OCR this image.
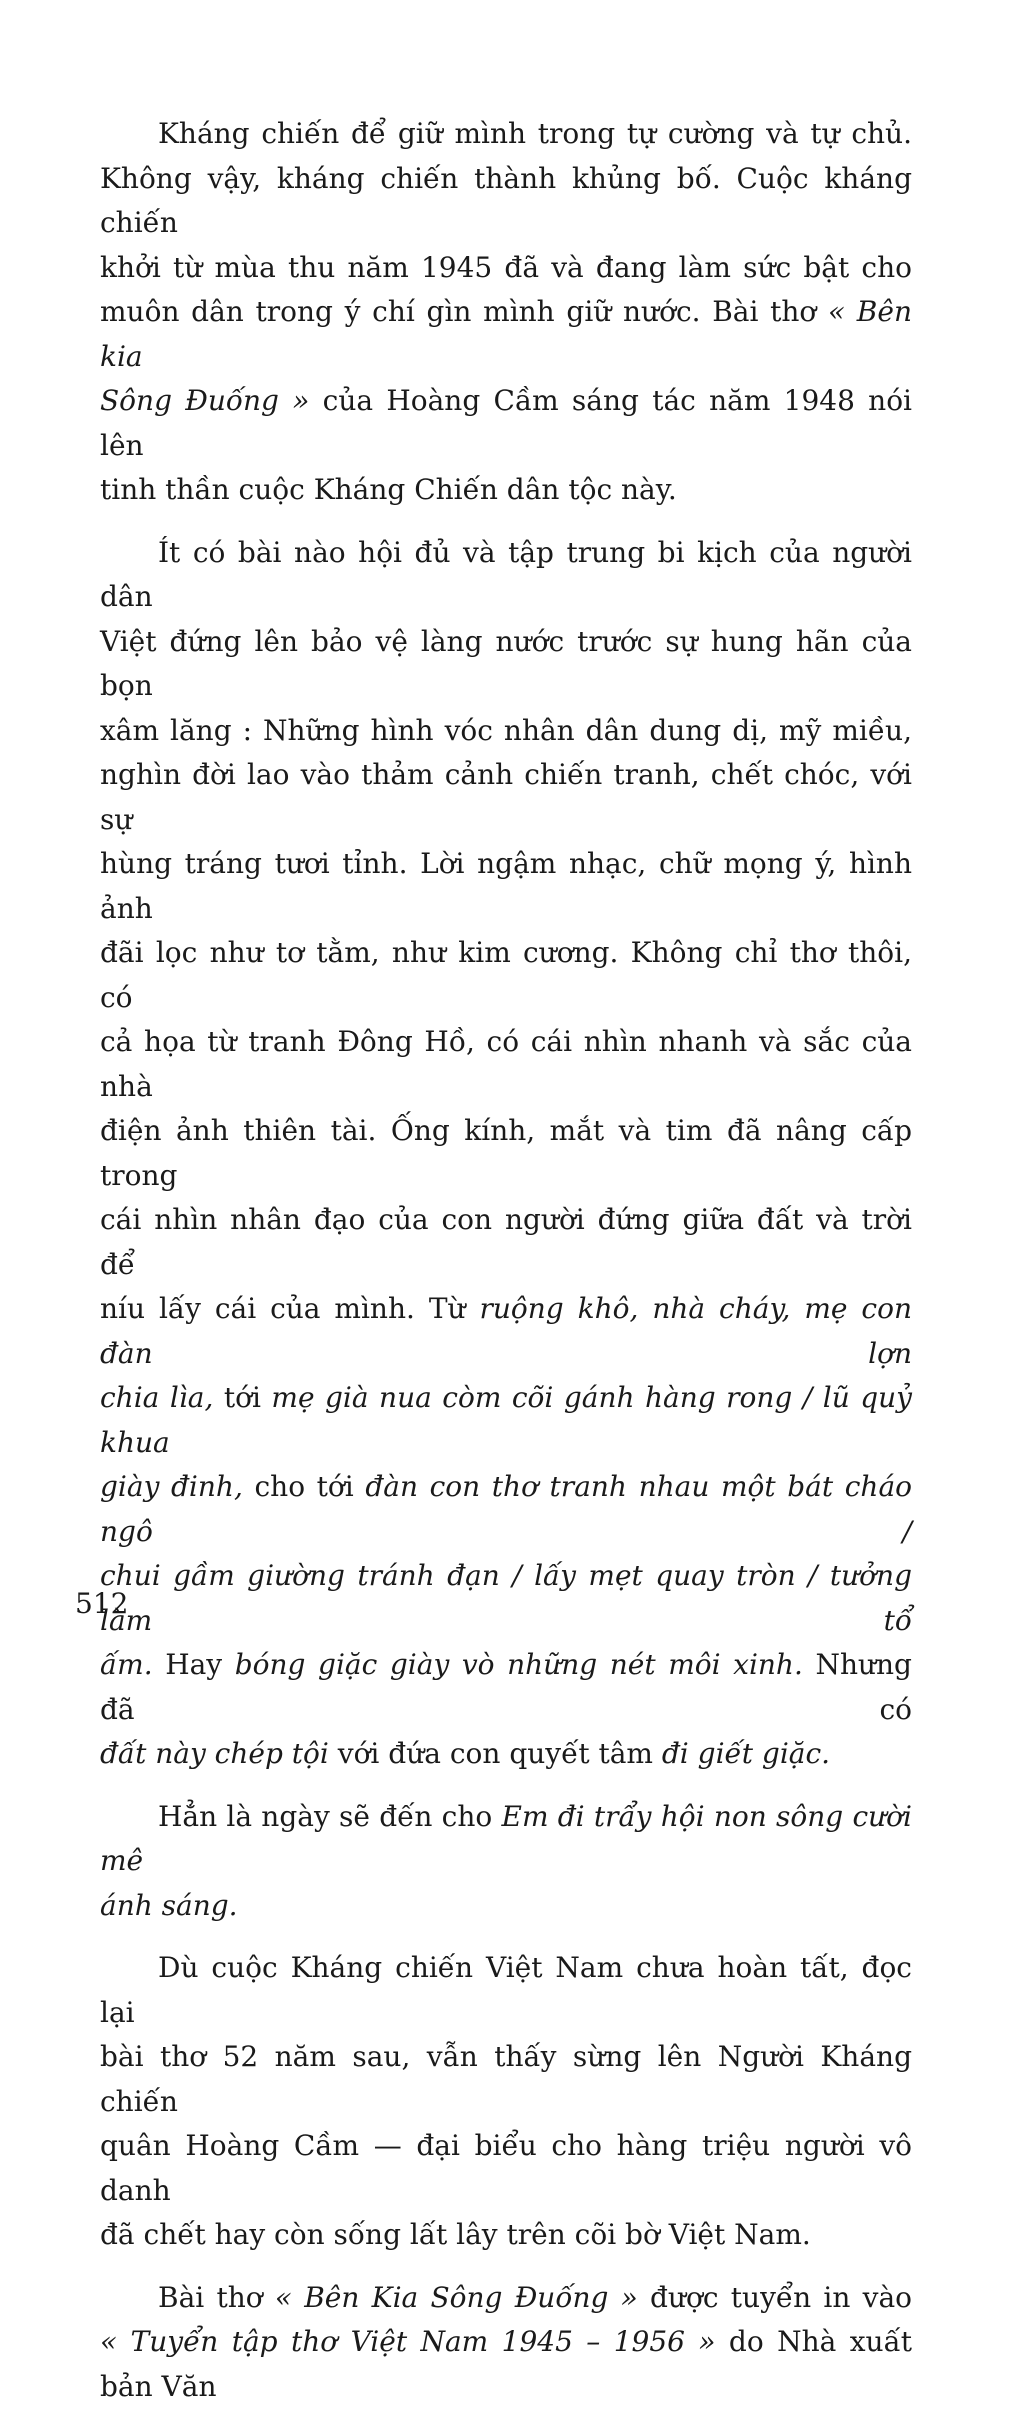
Kháng chiến để giữ mình trong tự cường và tự chủ.
Không vậy, kháng chiến thành khủng bố. Cuộc kháng chiến
khởi từ mùa thu năm 1945 đã và đang làm sức bật cho
muôn dân trong ý chí gìn mình giữ nước. Bài thơ « Bên kia
Sông Đuống » của Hoàng Cầm sáng tác năm 1948 nói lên
tinh thần cuộc Kháng Chiến dân tộc này.
Ít có bài nào hội đủ và tập trung bi kịch của người dân
Việt đứng lên bảo vệ làng nước trước sự hung hãn của bọn
xâm lăng : Những hình vóc nhân dân dung dị, mỹ miều,
nghìn đời lao vào thảm cảnh chiến tranh, chết chóc, với sự
hùng tráng tươi tỉnh. Lời ngậm nhạc, chữ mọng ý, hình ảnh
đãi lọc như tơ tằm, như kim cương. Không chỉ thơ thôi, có
cả họa từ tranh Đông Hồ, có cái nhìn nhanh và sắc của nhà
điện ảnh thiên tài. Ống kính, mắt và tim đã nâng cấp trong
cái nhìn nhân đạo của con người đứng giữa đất và trời để
níu lấy cái của mình. Từ ruộng khô, nhà cháy, mẹ con đàn lợn
chia lìa, tới mẹ già nua còm cõi gánh hàng rong / lũ quỷ khua
giày đinh, cho tới đàn con thơ tranh nhau một bát cháo ngô /
chui gầm giường tránh đạn / lấy mẹt quay tròn / tưởng làm tổ
ấm. Hay bóng giặc giày vò những nét môi xinh. Nhưng đã có
đất này chép tội với đứa con quyết tâm đi giết giặc.
Hẳn là ngày sẽ đến cho Em đi trẩy hội non sông cười mê
ánh sáng.
Dù cuộc Kháng chiến Việt Nam chưa hoàn tất, đọc lại
bài thơ 52 năm sau, vẫn thấy sừng lên Người Kháng chiến
quân Hoàng Cầm — đại biểu cho hàng triệu người vô danh
đã chết hay còn sống lất lây trên cõi bờ Việt Nam.
Bài thơ « Bên Kia Sông Đuống » được tuyển in vào
« Tuyển tập thơ Việt Nam 1945 – 1956 » do Nhà xuất bản Văn
512
